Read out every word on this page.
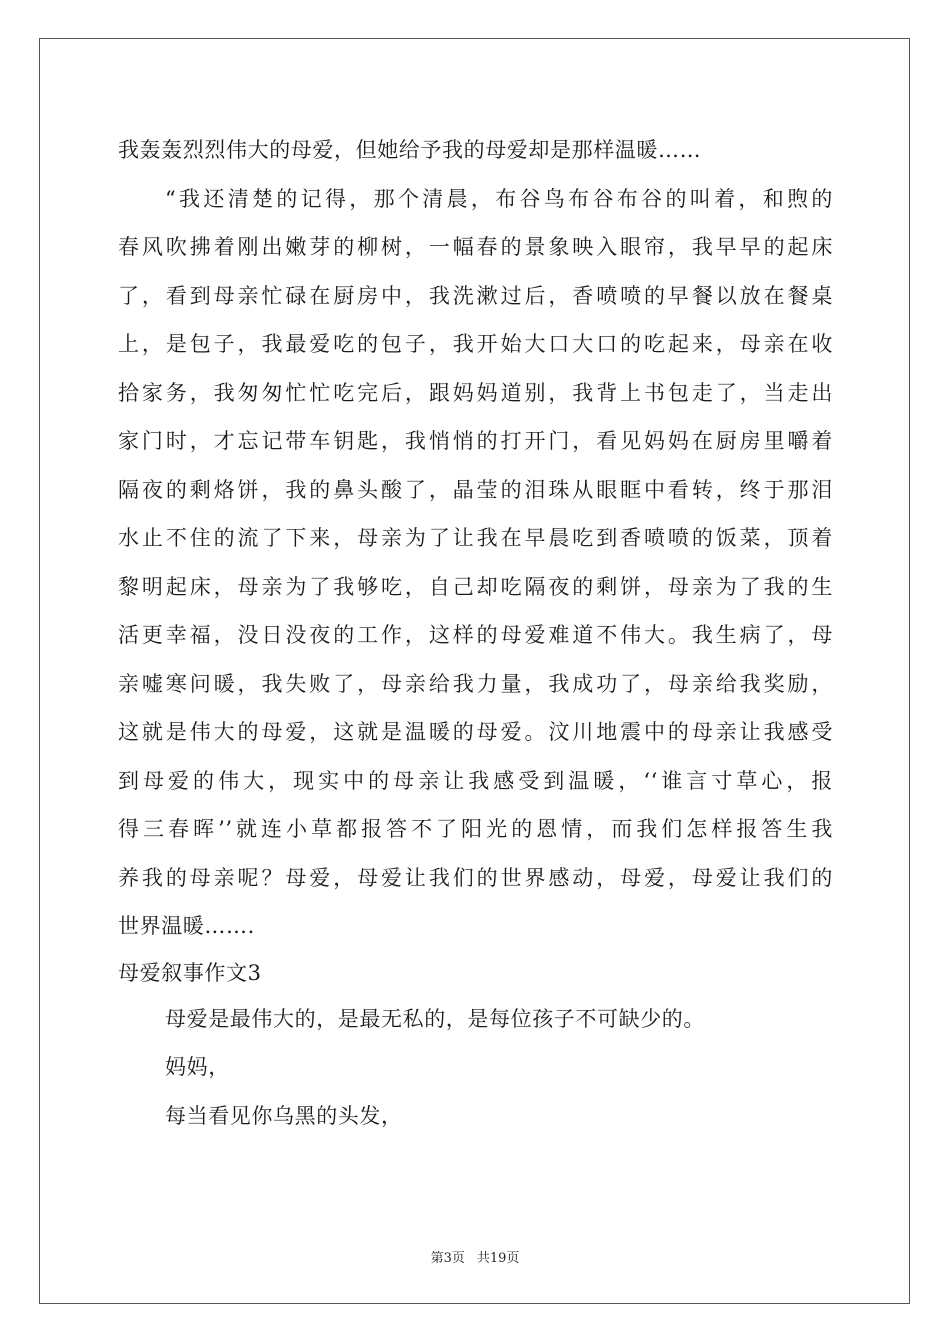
我轰轰烈烈伟大的母爱，但她给予我的母爱却是那样温暖……
“我还清楚的记得，那个清晨，布谷鸟布谷布谷的叫着，和煦的
春风吹拂着刚出嫩芽的柳树，一幅春的景象映入眼帘，我早早的起床
了，看到母亲忙碌在厨房中，我洗漱过后，香喷喷的早餐以放在餐桌
上，是包子，我最爱吃的包子，我开始大口大口的吃起来，母亲在收
拾家务，我匆匆忙忙吃完后，跟妈妈道别，我背上书包走了，当走出
家门时，才忘记带车钥匙，我悄悄的打开门，看见妈妈在厨房里嚼着
隔夜的剩烙饼，我的鼻头酸了，晶莹的泪珠从眼眶中看转，终于那泪
水止不住的流了下来，母亲为了让我在早晨吃到香喷喷的饭菜，顶着
黎明起床，母亲为了我够吃，自己却吃隔夜的剩饼，母亲为了我的生
活更幸福，没日没夜的工作，这样的母爱难道不伟大。我生病了，母
亲嘘寒问暖，我失败了，母亲给我力量，我成功了，母亲给我奖励，
这就是伟大的母爱，这就是温暖的母爱。汶川地震中的母亲让我感受
到母爱的伟大，现实中的母亲让我感受到温暖，‘‘谁言寸草心，报
得三春晖’’就连小草都报答不了阳光的恩情，而我们怎样报答生我
养我的母亲呢？母爱，母爱让我们的世界感动，母爱，母爱让我们的
世界温暖…….
母爱叙事作文3
母爱是最伟大的，是最无私的，是每位孩子不可缺少的。
妈妈，
每当看见你乌黑的头发，
第3页 共19页
